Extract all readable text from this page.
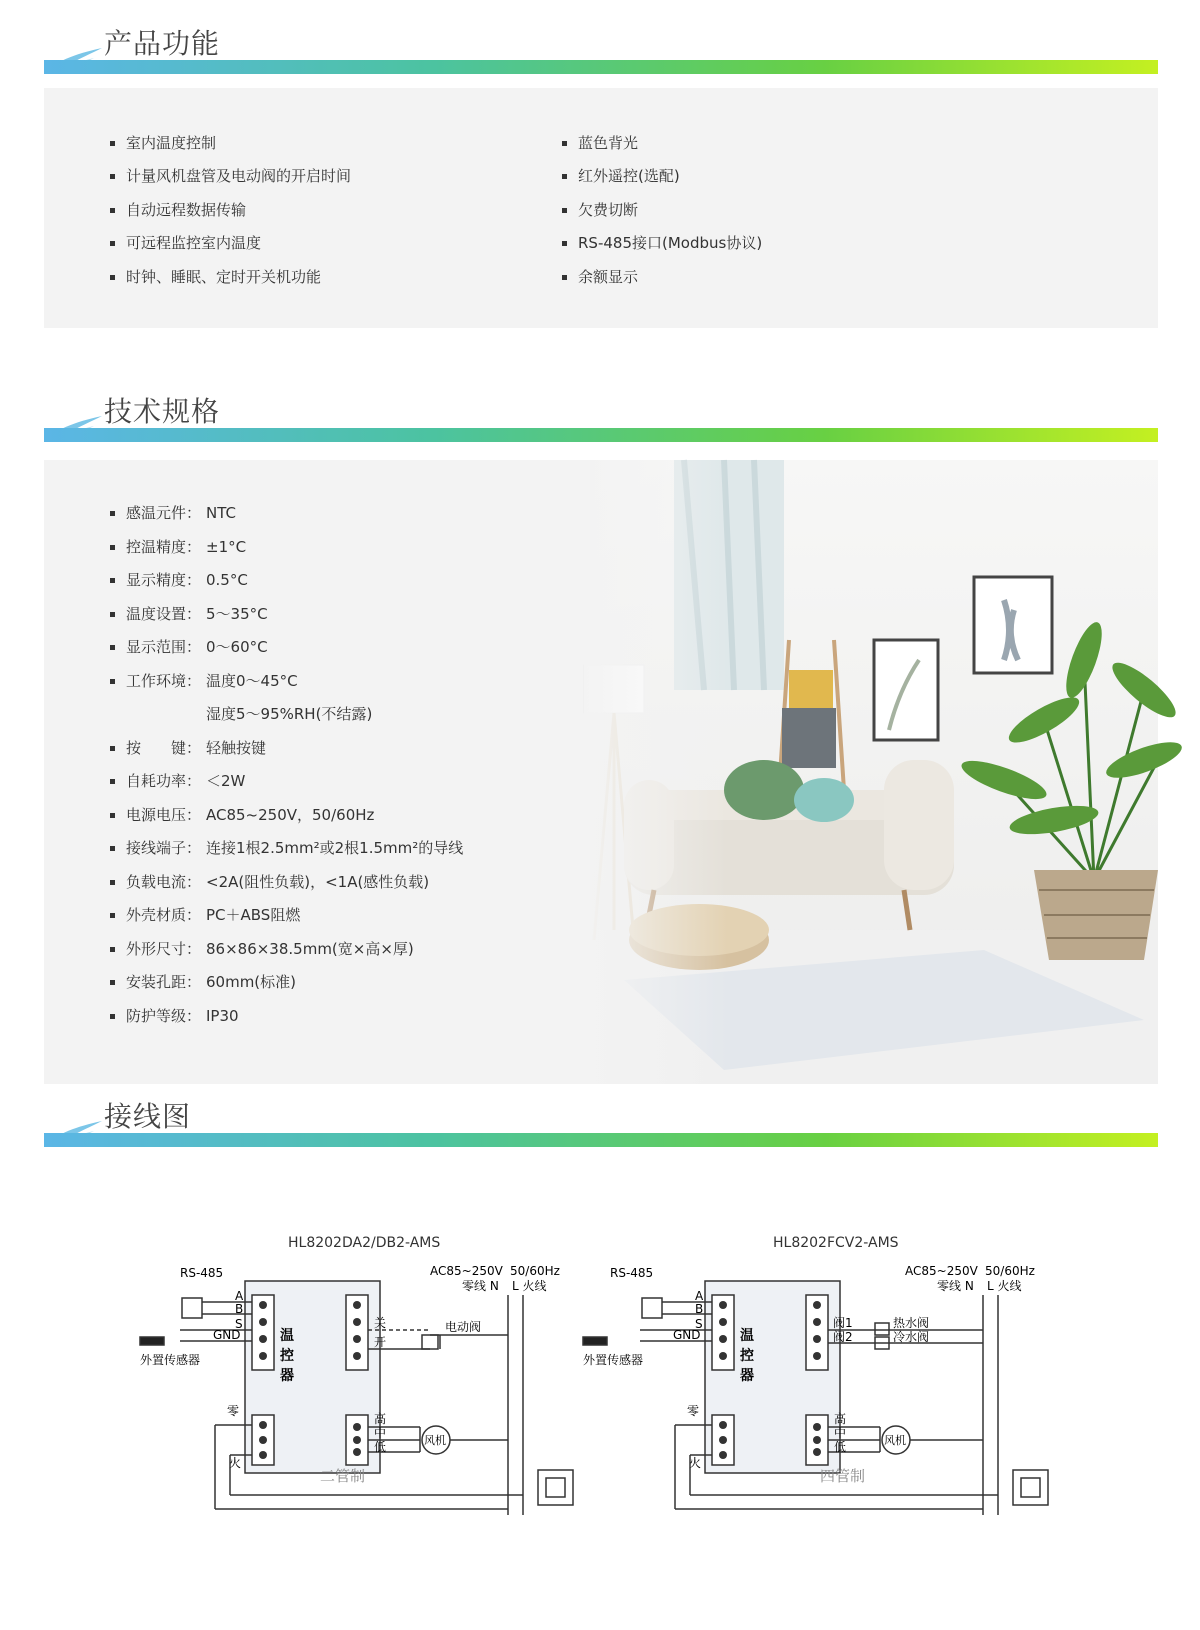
产品功能
室内温度控制
计量风机盘管及电动阀的开启时间
自动远程数据传输
可远程监控室内温度
时钟、睡眠、定时开关机功能
蓝色背光
红外遥控(选配)
欠费切断
RS-485接口(Modbus协议)
余额显示
技术规格
感温元件： NTC
控温精度： ±1°C
显示精度： 0.5°C
温度设置： 5～35°C
显示范围： 0～60°C
工作环境： 温度0～45°C
湿度5～95%RH(不结露)
按　　键： 轻触按键
自耗功率： ＜2W
电源电压： AC85~250V，50/60Hz
接线端子： 连接1根2.5mm²或2根1.5mm²的导线
负载电流： <2A(阻性负载)，<1A(感性负载)
外壳材质： PC＋ABS阻燃
外形尺寸： 86×86×38.5mm(宽×高×厚)
安装孔距： 60mm(标准)
防护等级： IP30
接线图
HL8202DA2/DB2-AMS
RS-485
A
B
S
GND
外置传感器
温
控
器
关
开
电动阀
零
火
高
中
低	风机
AC85~250V 50/60Hz
零线 N L 火线
二管制
HL8202FCV2-AMS
RS-485
A
B
S
GND
外置传感器
温
控
器
阀1
阀2
热水阀
冷水阀
零
火
高
中
低	风机
AC85~250V 50/60Hz
零线 N L 火线
四管制
